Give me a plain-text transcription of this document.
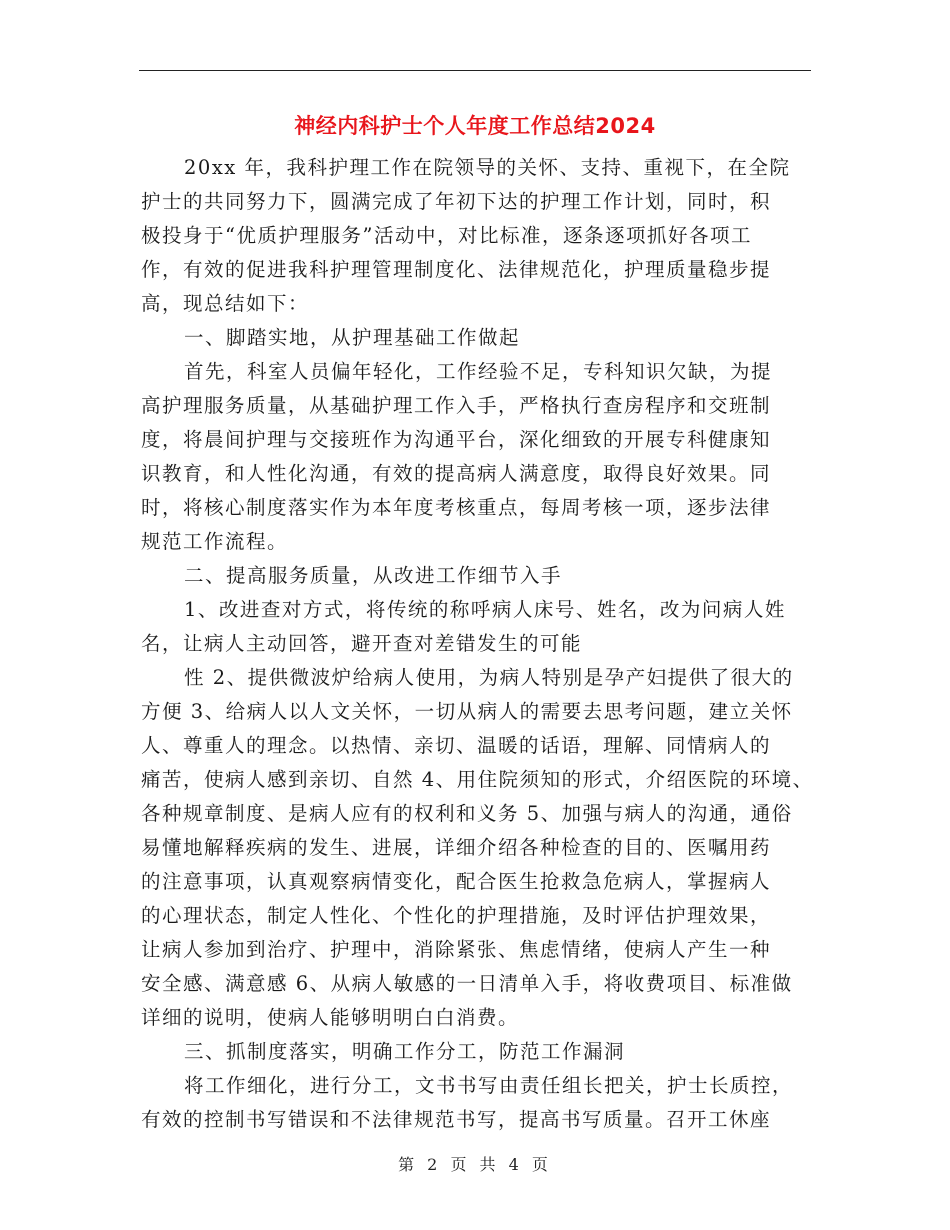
神经内科护士个人年度工作总结2024
20xx 年，我科护理工作在院领导的关怀、支持、重视下，在全院
护士的共同努力下，圆满完成了年初下达的护理工作计划，同时，积
极投身于“优质护理服务”活动中，对比标准，逐条逐项抓好各项工
作，有效的促进我科护理管理制度化、法律规范化，护理质量稳步提
高，现总结如下：
一、脚踏实地，从护理基础工作做起
首先，科室人员偏年轻化，工作经验不足，专科知识欠缺，为提
高护理服务质量，从基础护理工作入手，严格执行查房程序和交班制
度，将晨间护理与交接班作为沟通平台，深化细致的开展专科健康知
识教育，和人性化沟通，有效的提高病人满意度，取得良好效果。同
时，将核心制度落实作为本年度考核重点，每周考核一项，逐步法律
规范工作流程。
二、提高服务质量，从改进工作细节入手
1、改进查对方式，将传统的称呼病人床号、姓名，改为问病人姓
名，让病人主动回答，避开查对差错发生的可能
性 2、提供微波炉给病人使用，为病人特别是孕产妇提供了很大的
方便 3、给病人以人文关怀，一切从病人的需要去思考问题，建立关怀
人、尊重人的理念。以热情、亲切、温暖的话语，理解、同情病人的
痛苦，使病人感到亲切、自然 4、用住院须知的形式，介绍医院的环境、
各种规章制度、是病人应有的权利和义务 5、加强与病人的沟通，通俗
易懂地解释疾病的发生、进展，详细介绍各种检查的目的、医嘱用药
的注意事项，认真观察病情变化，配合医生抢救急危病人，掌握病人
的心理状态，制定人性化、个性化的护理措施，及时评估护理效果，
让病人参加到治疗、护理中，消除紧张、焦虑情绪，使病人产生一种
安全感、满意感 6、从病人敏感的一日清单入手，将收费项目、标准做
详细的说明，使病人能够明明白白消费。
三、抓制度落实，明确工作分工，防范工作漏洞
将工作细化，进行分工，文书书写由责任组长把关，护士长质控，
有效的控制书写错误和不法律规范书写，提高书写质量。召开工休座
第 2 页 共 4 页
